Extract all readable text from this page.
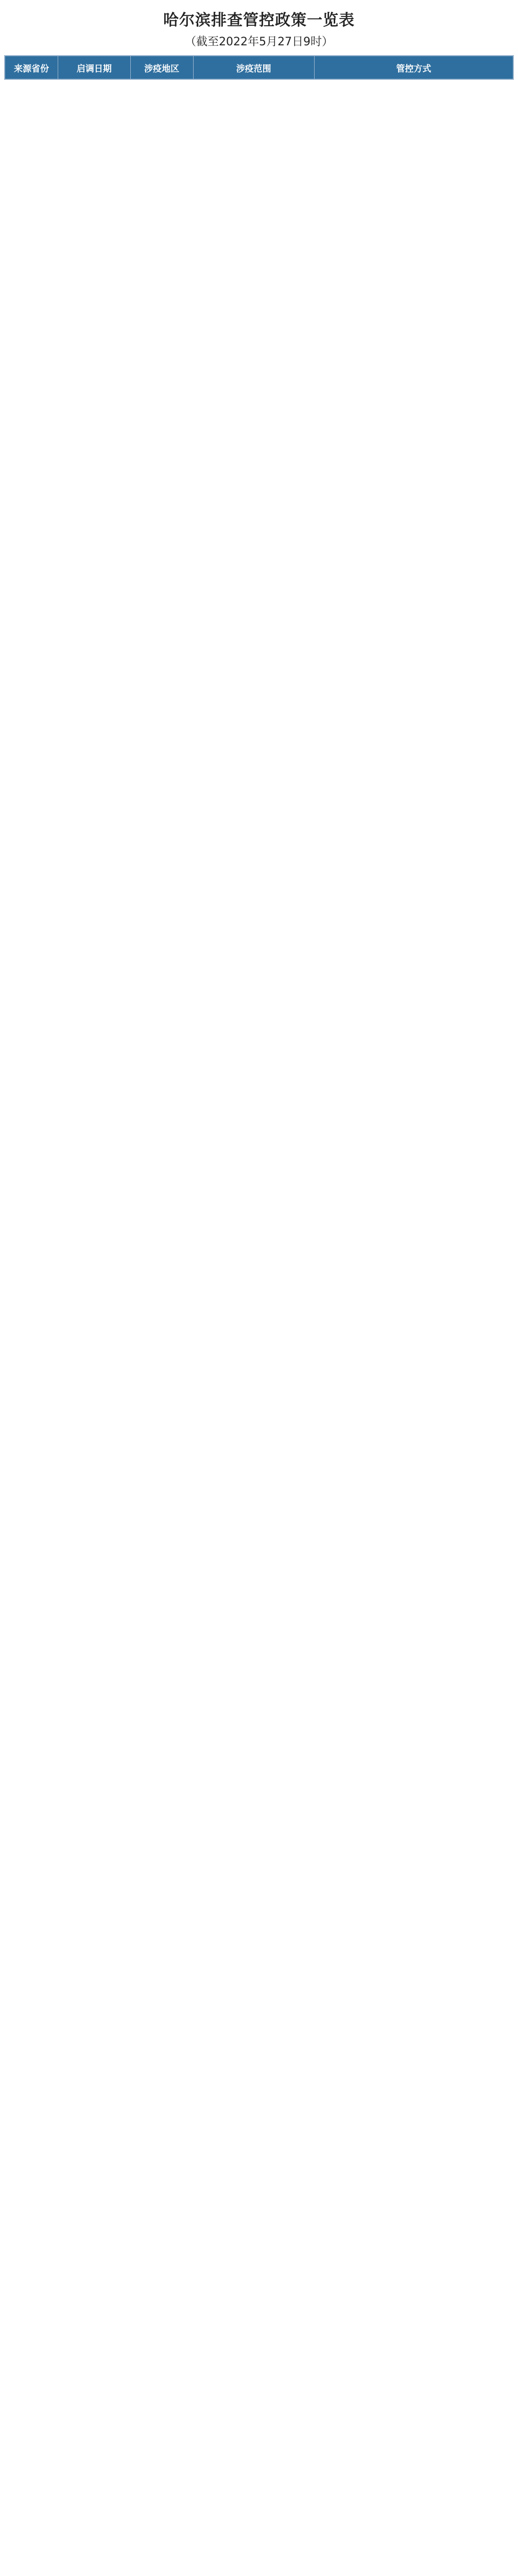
哈尔滨排查管控政策一览表

（截至2022年5月27日9时）

来源省份	启调日期	涉疫地区	涉疫范围	管控方式
